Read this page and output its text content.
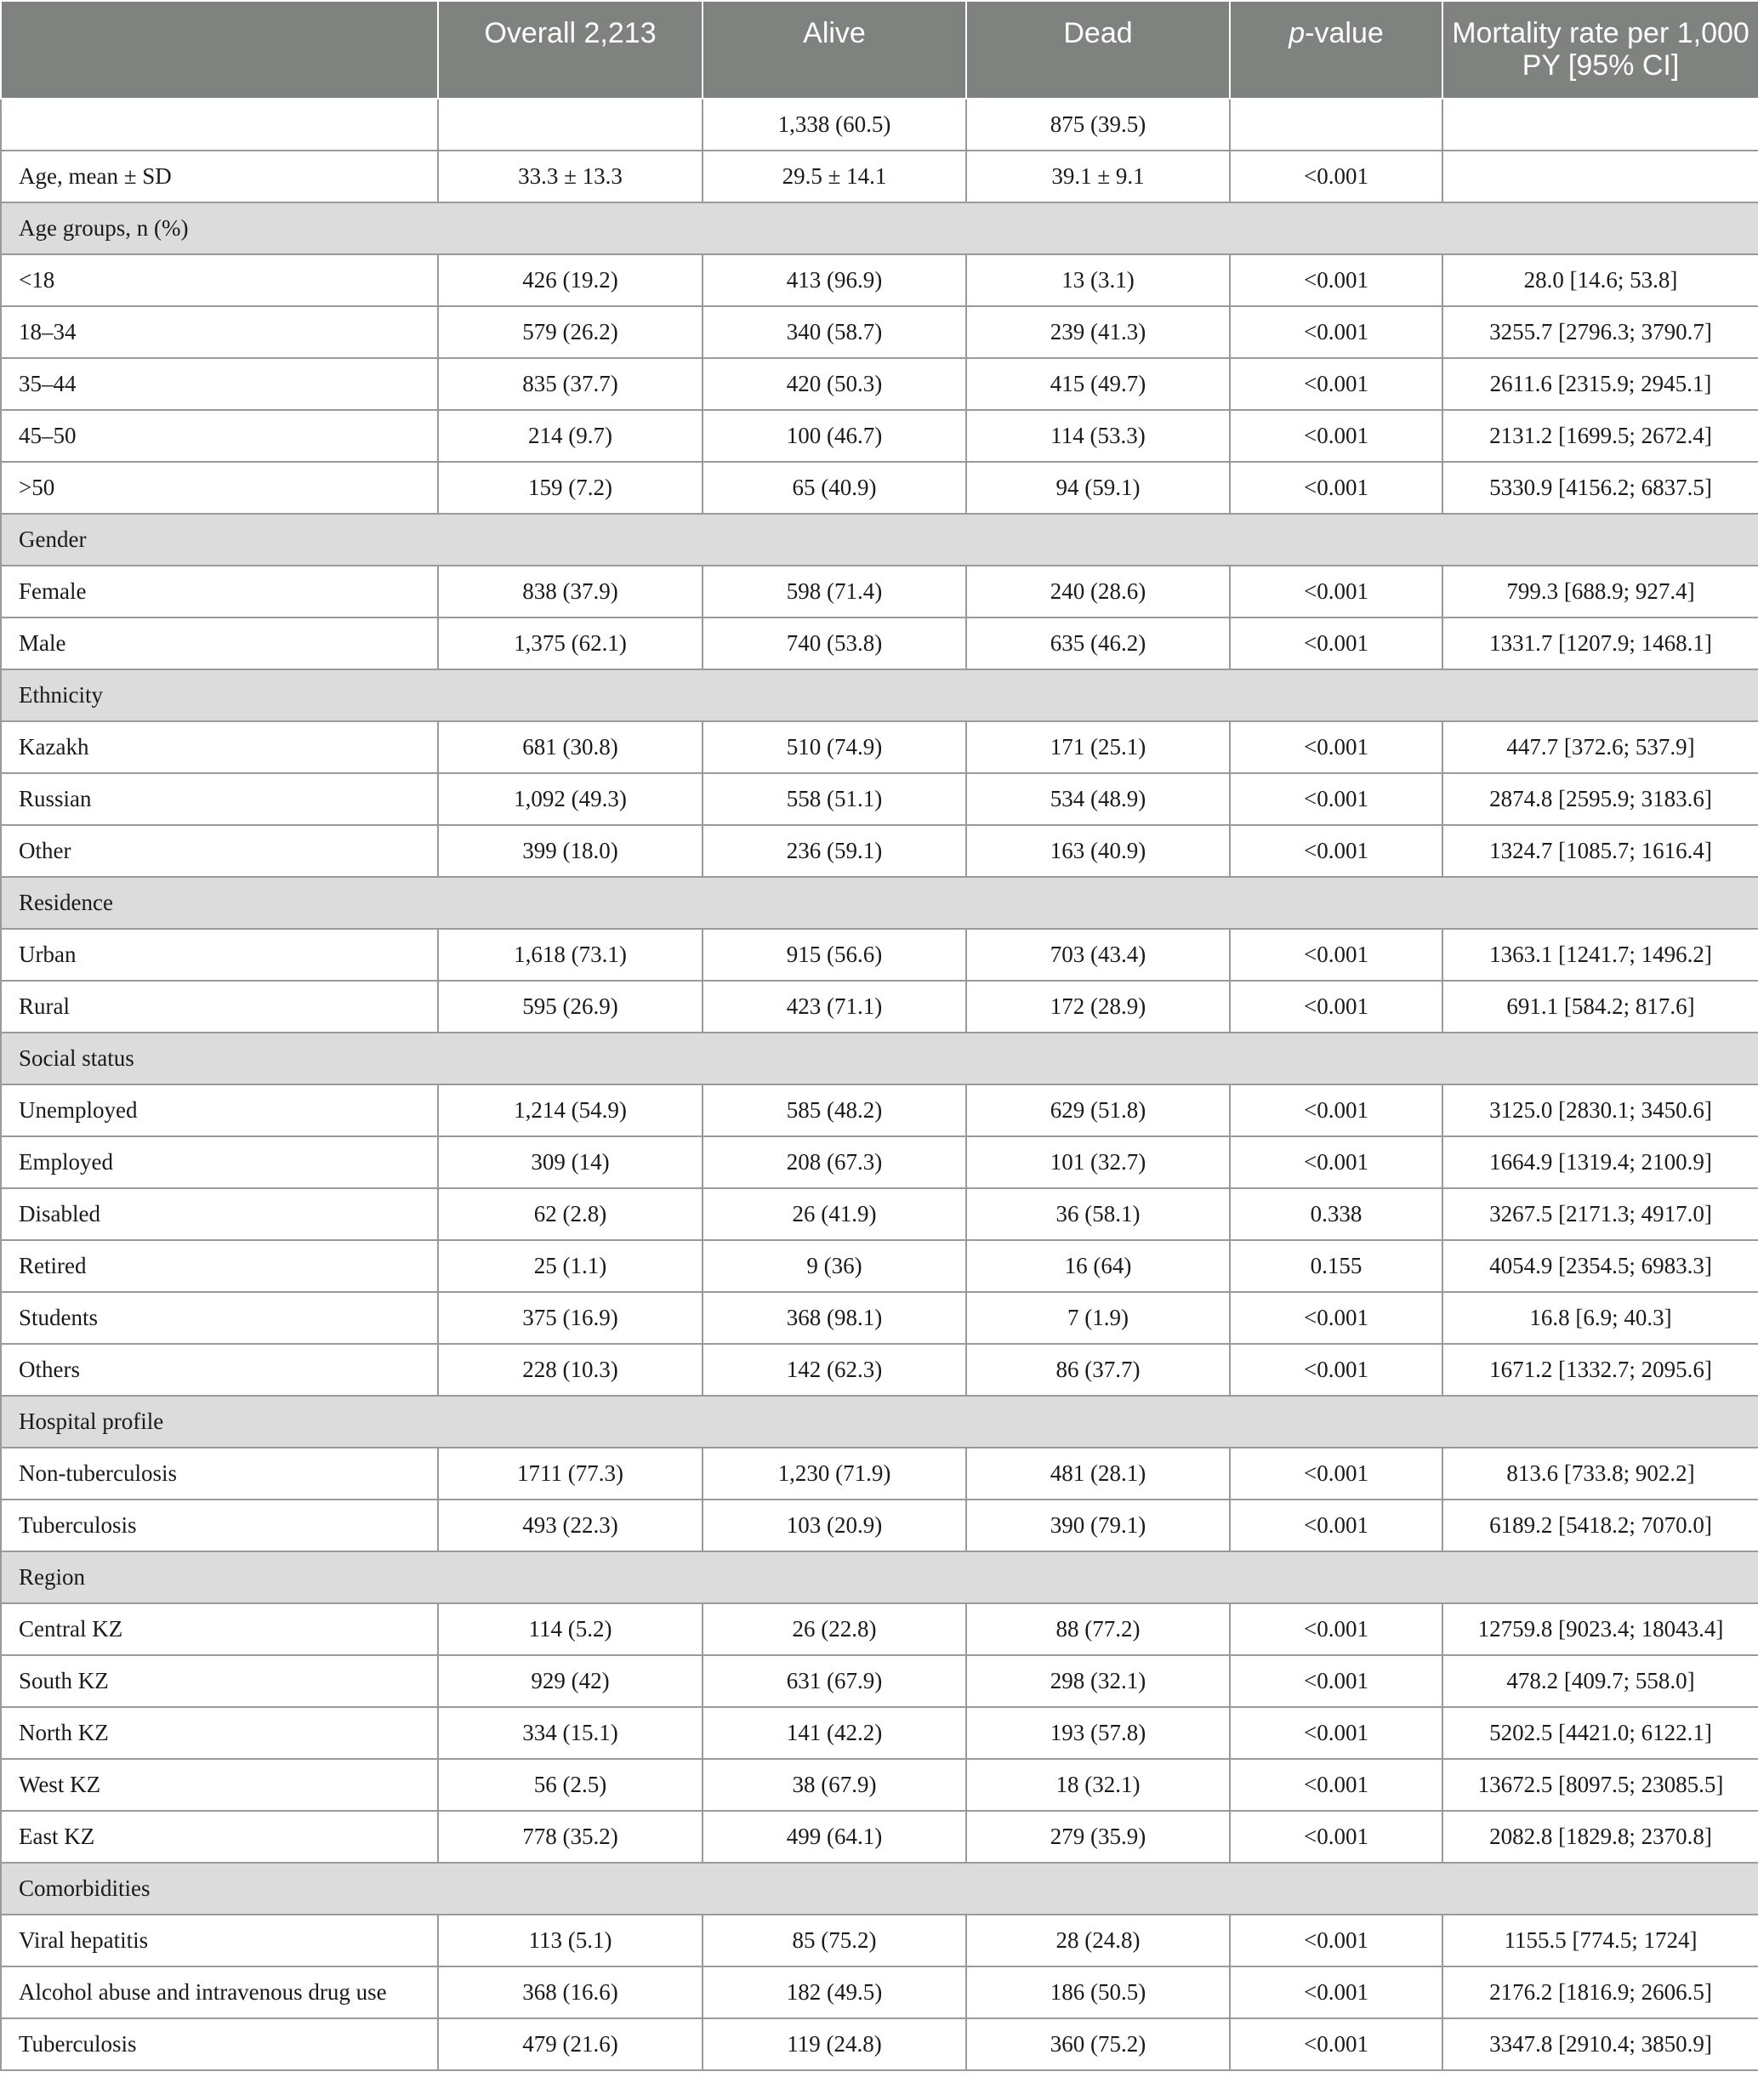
	Overall 2,213	Alive	Dead	p-value	Mortality rate per 1,000 PY [95% CI]
		1,338 (60.5)	875 (39.5)		
Age, mean ± SD	33.3 ± 13.3	29.5 ± 14.1	39.1 ± 9.1	<0.001	
Age groups, n (%)					
<18	426 (19.2)	413 (96.9)	13 (3.1)	<0.001	28.0 [14.6; 53.8]
18–34	579 (26.2)	340 (58.7)	239 (41.3)	<0.001	3255.7 [2796.3; 3790.7]
35–44	835 (37.7)	420 (50.3)	415 (49.7)	<0.001	2611.6 [2315.9; 2945.1]
45–50	214 (9.7)	100 (46.7)	114 (53.3)	<0.001	2131.2 [1699.5; 2672.4]
>50	159 (7.2)	65 (40.9)	94 (59.1)	<0.001	5330.9 [4156.2; 6837.5]
Gender					
Female	838 (37.9)	598 (71.4)	240 (28.6)	<0.001	799.3 [688.9; 927.4]
Male	1,375 (62.1)	740 (53.8)	635 (46.2)	<0.001	1331.7 [1207.9; 1468.1]
Ethnicity					
Kazakh	681 (30.8)	510 (74.9)	171 (25.1)	<0.001	447.7 [372.6; 537.9]
Russian	1,092 (49.3)	558 (51.1)	534 (48.9)	<0.001	2874.8 [2595.9; 3183.6]
Other	399 (18.0)	236 (59.1)	163 (40.9)	<0.001	1324.7 [1085.7; 1616.4]
Residence					
Urban	1,618 (73.1)	915 (56.6)	703 (43.4)	<0.001	1363.1 [1241.7; 1496.2]
Rural	595 (26.9)	423 (71.1)	172 (28.9)	<0.001	691.1 [584.2; 817.6]
Social status					
Unemployed	1,214 (54.9)	585 (48.2)	629 (51.8)	<0.001	3125.0 [2830.1; 3450.6]
Employed	309 (14)	208 (67.3)	101 (32.7)	<0.001	1664.9 [1319.4; 2100.9]
Disabled	62 (2.8)	26 (41.9)	36 (58.1)	0.338	3267.5 [2171.3; 4917.0]
Retired	25 (1.1)	9 (36)	16 (64)	0.155	4054.9 [2354.5; 6983.3]
Students	375 (16.9)	368 (98.1)	7 (1.9)	<0.001	16.8 [6.9; 40.3]
Others	228 (10.3)	142 (62.3)	86 (37.7)	<0.001	1671.2 [1332.7; 2095.6]
Hospital profile					
Non-tuberculosis	1711 (77.3)	1,230 (71.9)	481 (28.1)	<0.001	813.6 [733.8; 902.2]
Tuberculosis	493 (22.3)	103 (20.9)	390 (79.1)	<0.001	6189.2 [5418.2; 7070.0]
Region					
Central KZ	114 (5.2)	26 (22.8)	88 (77.2)	<0.001	12759.8 [9023.4; 18043.4]
South KZ	929 (42)	631 (67.9)	298 (32.1)	<0.001	478.2 [409.7; 558.0]
North KZ	334 (15.1)	141 (42.2)	193 (57.8)	<0.001	5202.5 [4421.0; 6122.1]
West KZ	56 (2.5)	38 (67.9)	18 (32.1)	<0.001	13672.5 [8097.5; 23085.5]
East KZ	778 (35.2)	499 (64.1)	279 (35.9)	<0.001	2082.8 [1829.8; 2370.8]
Comorbidities					
Viral hepatitis	113 (5.1)	85 (75.2)	28 (24.8)	<0.001	1155.5 [774.5; 1724]
Alcohol abuse and intravenous drug use	368 (16.6)	182 (49.5)	186 (50.5)	<0.001	2176.2 [1816.9; 2606.5]
Tuberculosis	479 (21.6)	119 (24.8)	360 (75.2)	<0.001	3347.8 [2910.4; 3850.9]
